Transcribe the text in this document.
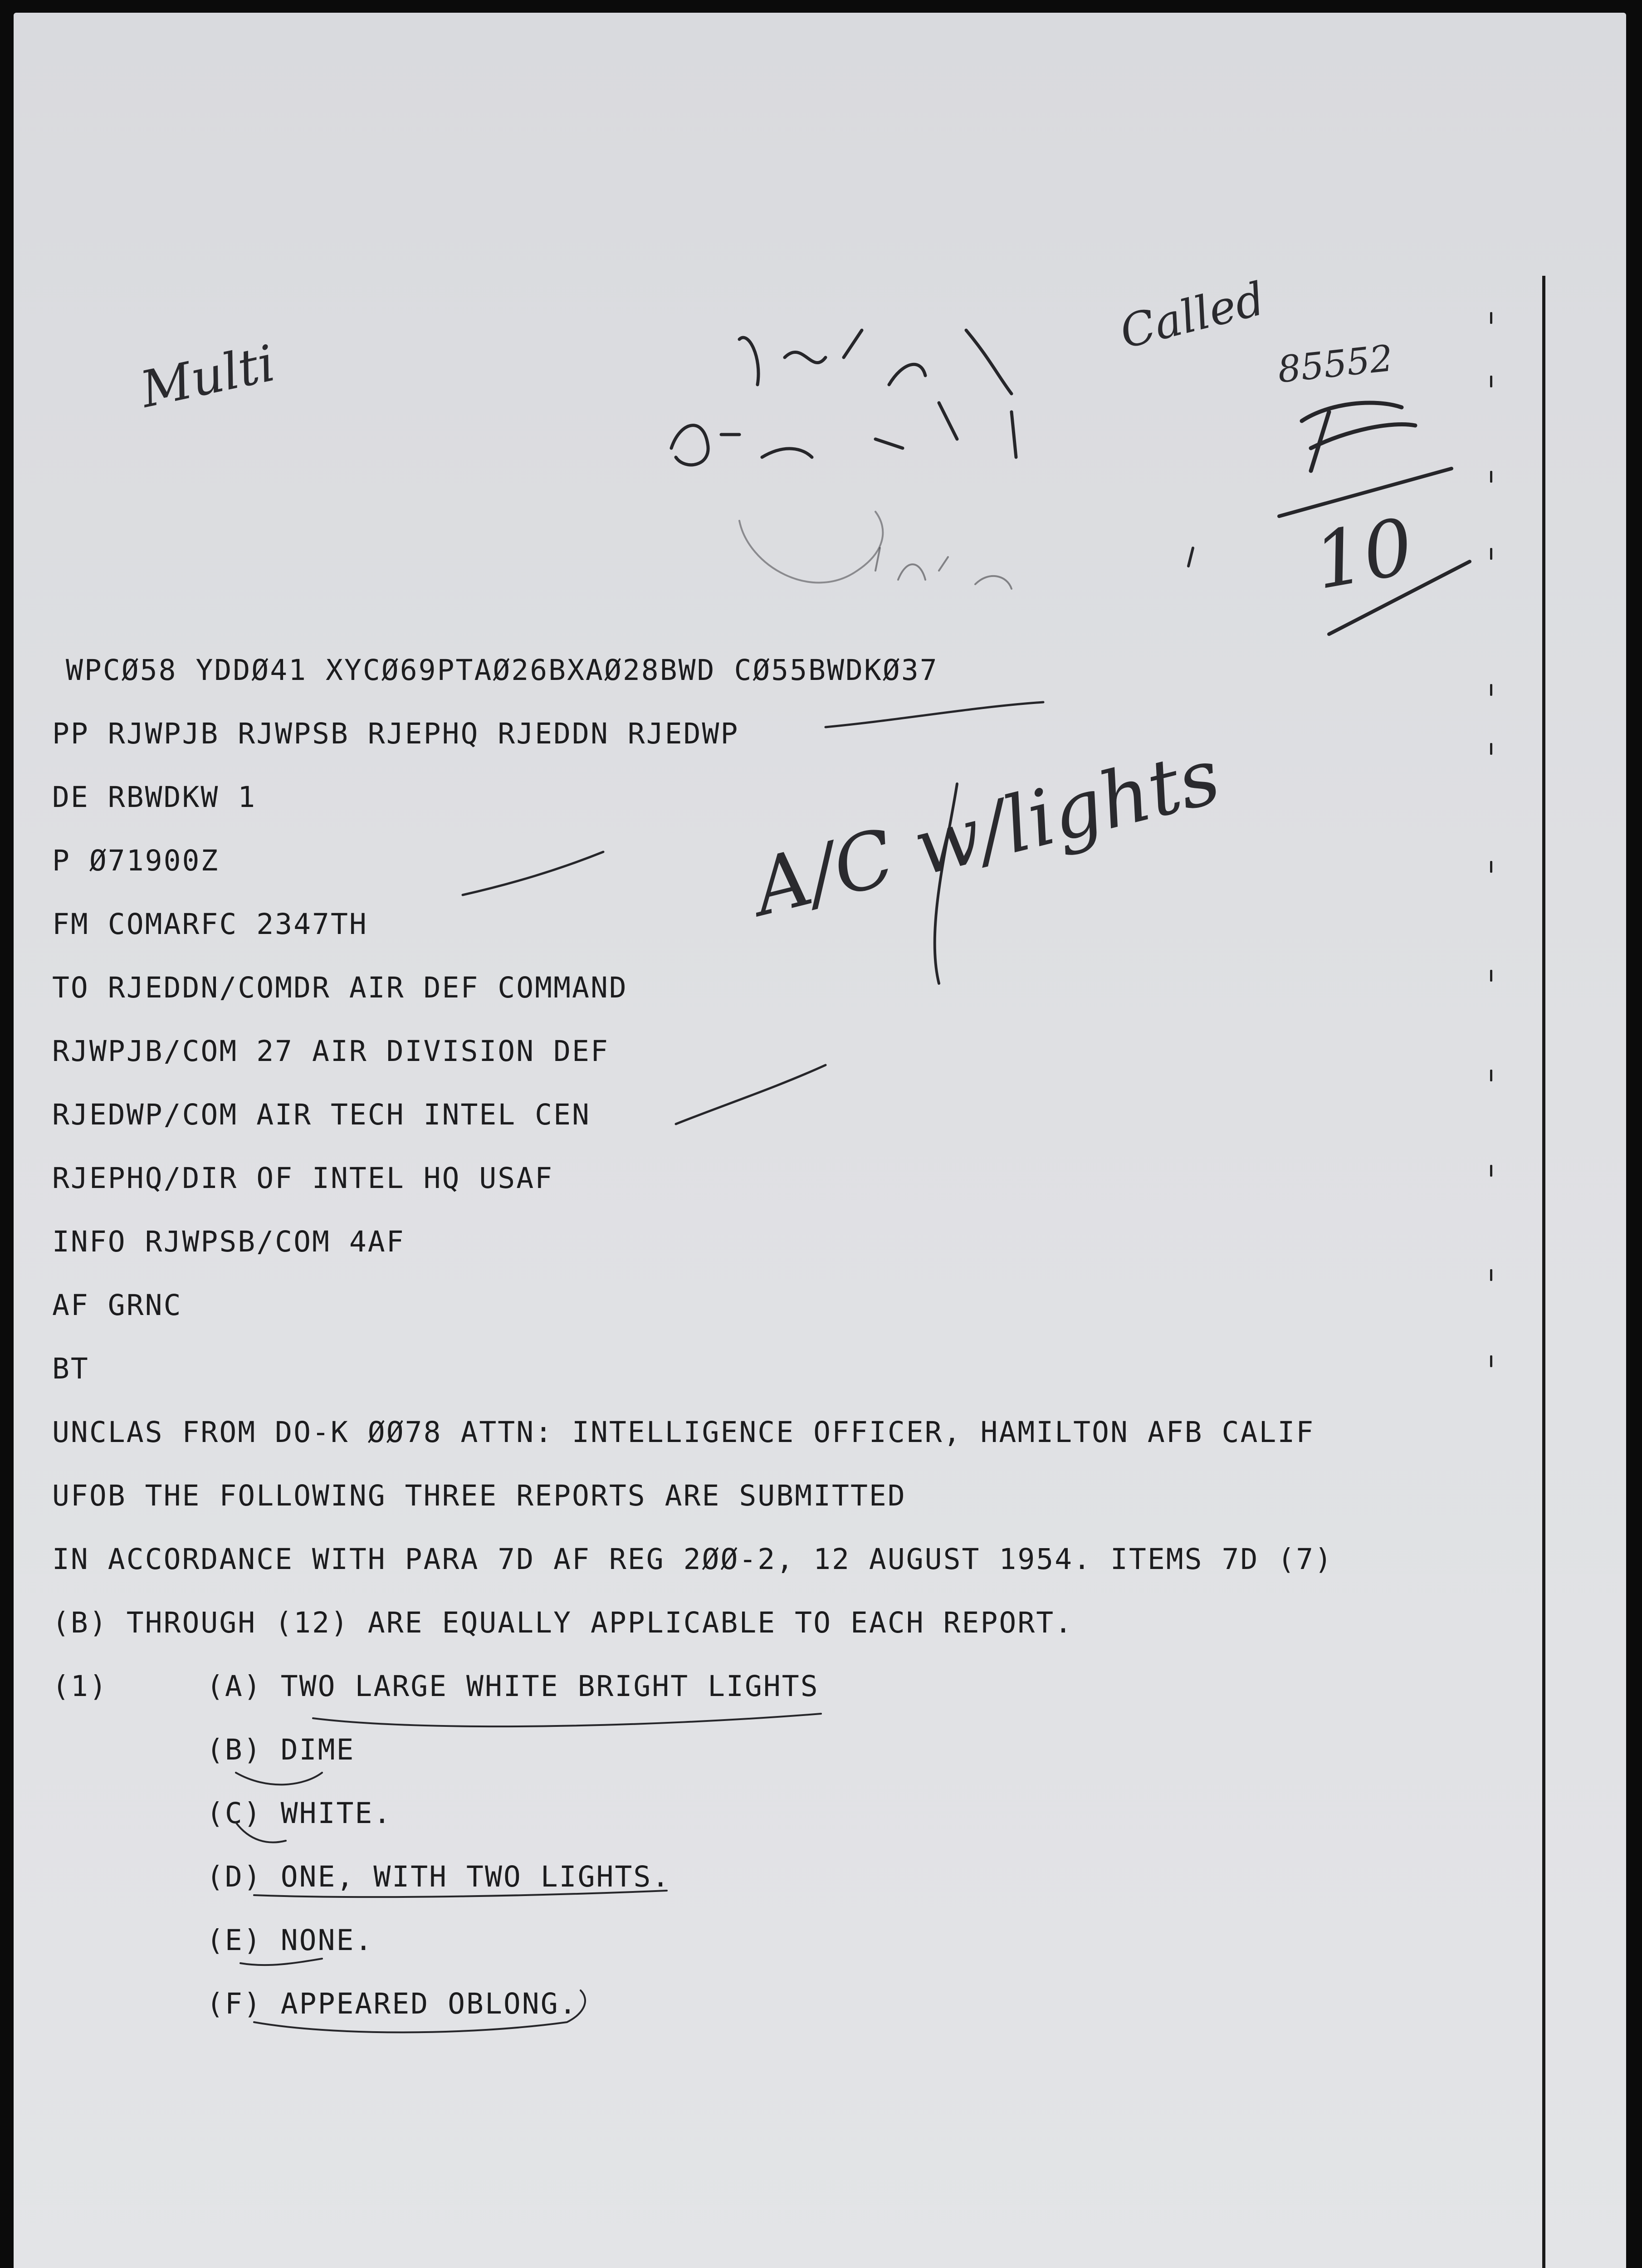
WPCØ58 YDDØ41 XYCØ69PTAØ26BXAØ28BWD CØ55BWDKØ37
PP RJWPJB RJWPSB RJEPHQ RJEDDN RJEDWP
DE RBWDKW 1
P Ø71900Z
FM COMARFC 2347TH
TO RJEDDN/COMDR AIR DEF COMMAND
RJWPJB/COM 27 AIR DIVISION DEF
RJEDWP/COM AIR TECH INTEL CEN
RJEPHQ/DIR OF INTEL HQ USAF
INFO RJWPSB/COM 4AF
AF GRNC
BT
UNCLAS FROM DO-K ØØ78 ATTN: INTELLIGENCE OFFICER, HAMILTON AFB CALIF
UFOB THE FOLLOWING THREE REPORTS ARE SUBMITTED
IN ACCORDANCE WITH PARA 7D AF REG 2ØØ-2, 12 AUGUST 1954. ITEMS 7D (7)
(B) THROUGH (12) ARE EQUALLY APPLICABLE TO EACH REPORT.
(1)	(A) TWO LARGE WHITE BRIGHT LIGHTS
(B) DIME
(C) WHITE.
(D) ONE, WITH TWO LIGHTS.
(E) NONE.
(F) APPEARED OBLONG.
Multi
Called
85552
10
A/C w/lights
